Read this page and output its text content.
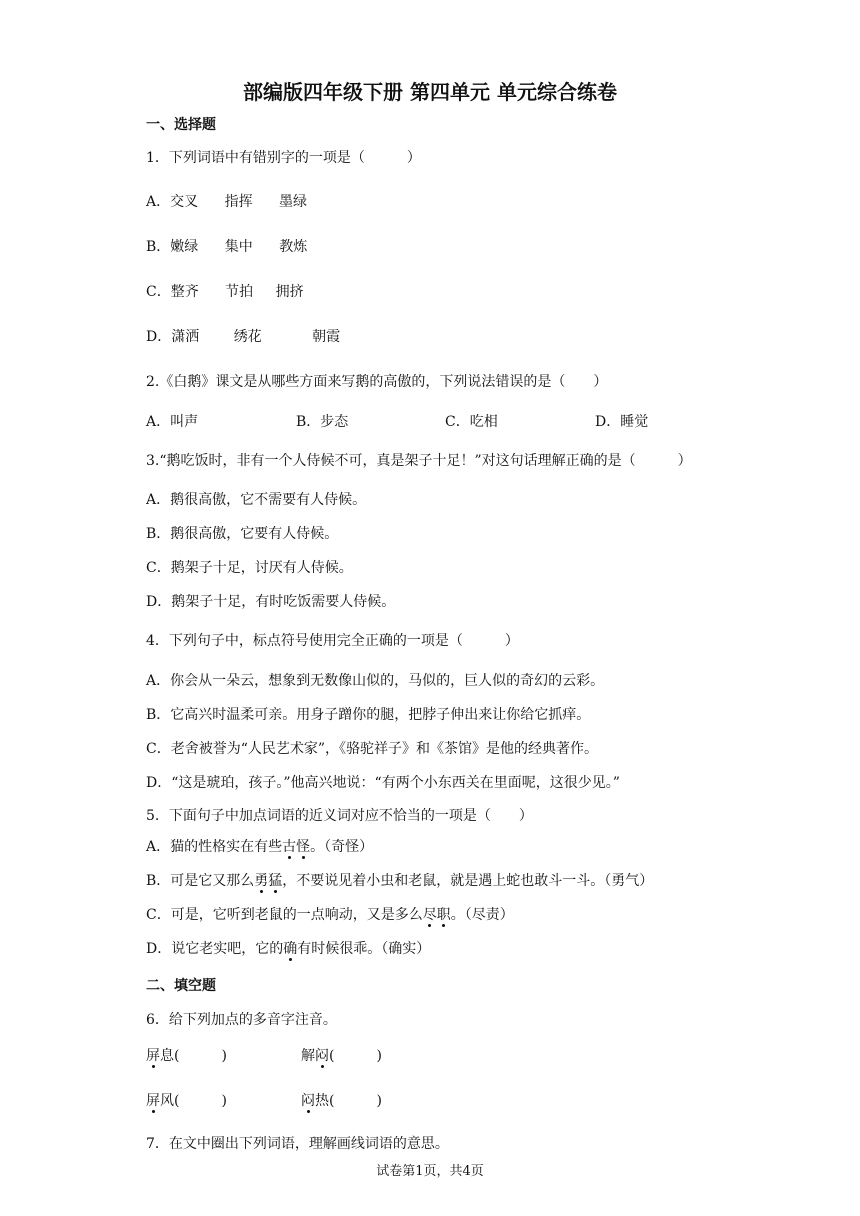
部编版四年级下册 第四单元 单元综合练卷
一、选择题
1．下列词语中有错别字的一项是（　　　）
A．交叉 指挥 墨绿
B．嫩绿 集中 教炼
C．整齐 节拍 拥挤
D．潇洒 绣花	朝霞
2.《白鹅》课文是从哪些方面来写鹅的高傲的，下列说法错误的是（　　）
A．叫声	B．步态	C．吃相	D．睡觉
3.“鹅吃饭时，非有一个人侍候不可，真是架子十足！”对这句话理解正确的是（　　　）
A．鹅很高傲，它不需要有人侍候。
B．鹅很高傲，它要有人侍候。
C．鹅架子十足，讨厌有人侍候。
D．鹅架子十足，有时吃饭需要人侍候。
4．下列句子中，标点符号使用完全正确的一项是（　　　）
A．你会从一朵云，想象到无数像山似的，马似的，巨人似的奇幻的云彩。
B．它高兴时温柔可亲。用身子蹭你的腿，把脖子伸出来让你给它抓痒。
C．老舍被誉为“人民艺术家”，《骆驼祥子》和《茶馆》是他的经典著作。
D．“这是琥珀，孩子。”他高兴地说：“有两个小东西关在里面呢，这很少见。”
5．下面句子中加点词语的近义词对应不恰当的一项是（　　）
A．猫的性格实在有些古怪。（奇怪）
B．可是它又那么勇猛，不要说见着小虫和老鼠，就是遇上蛇也敢斗一斗。（勇气）
C．可是，它听到老鼠的一点响动，又是多么尽职。（尽责）
D．说它老实吧，它的确有时候很乖。（确实）
二、填空题
6．给下列加点的多音字注音。
屏息(　　　)	解闷(　　　)
屏风(　　　)	闷热(　　　)
7．在文中圈出下列词语，理解画线词语的意思。
试卷第1页，共4页
